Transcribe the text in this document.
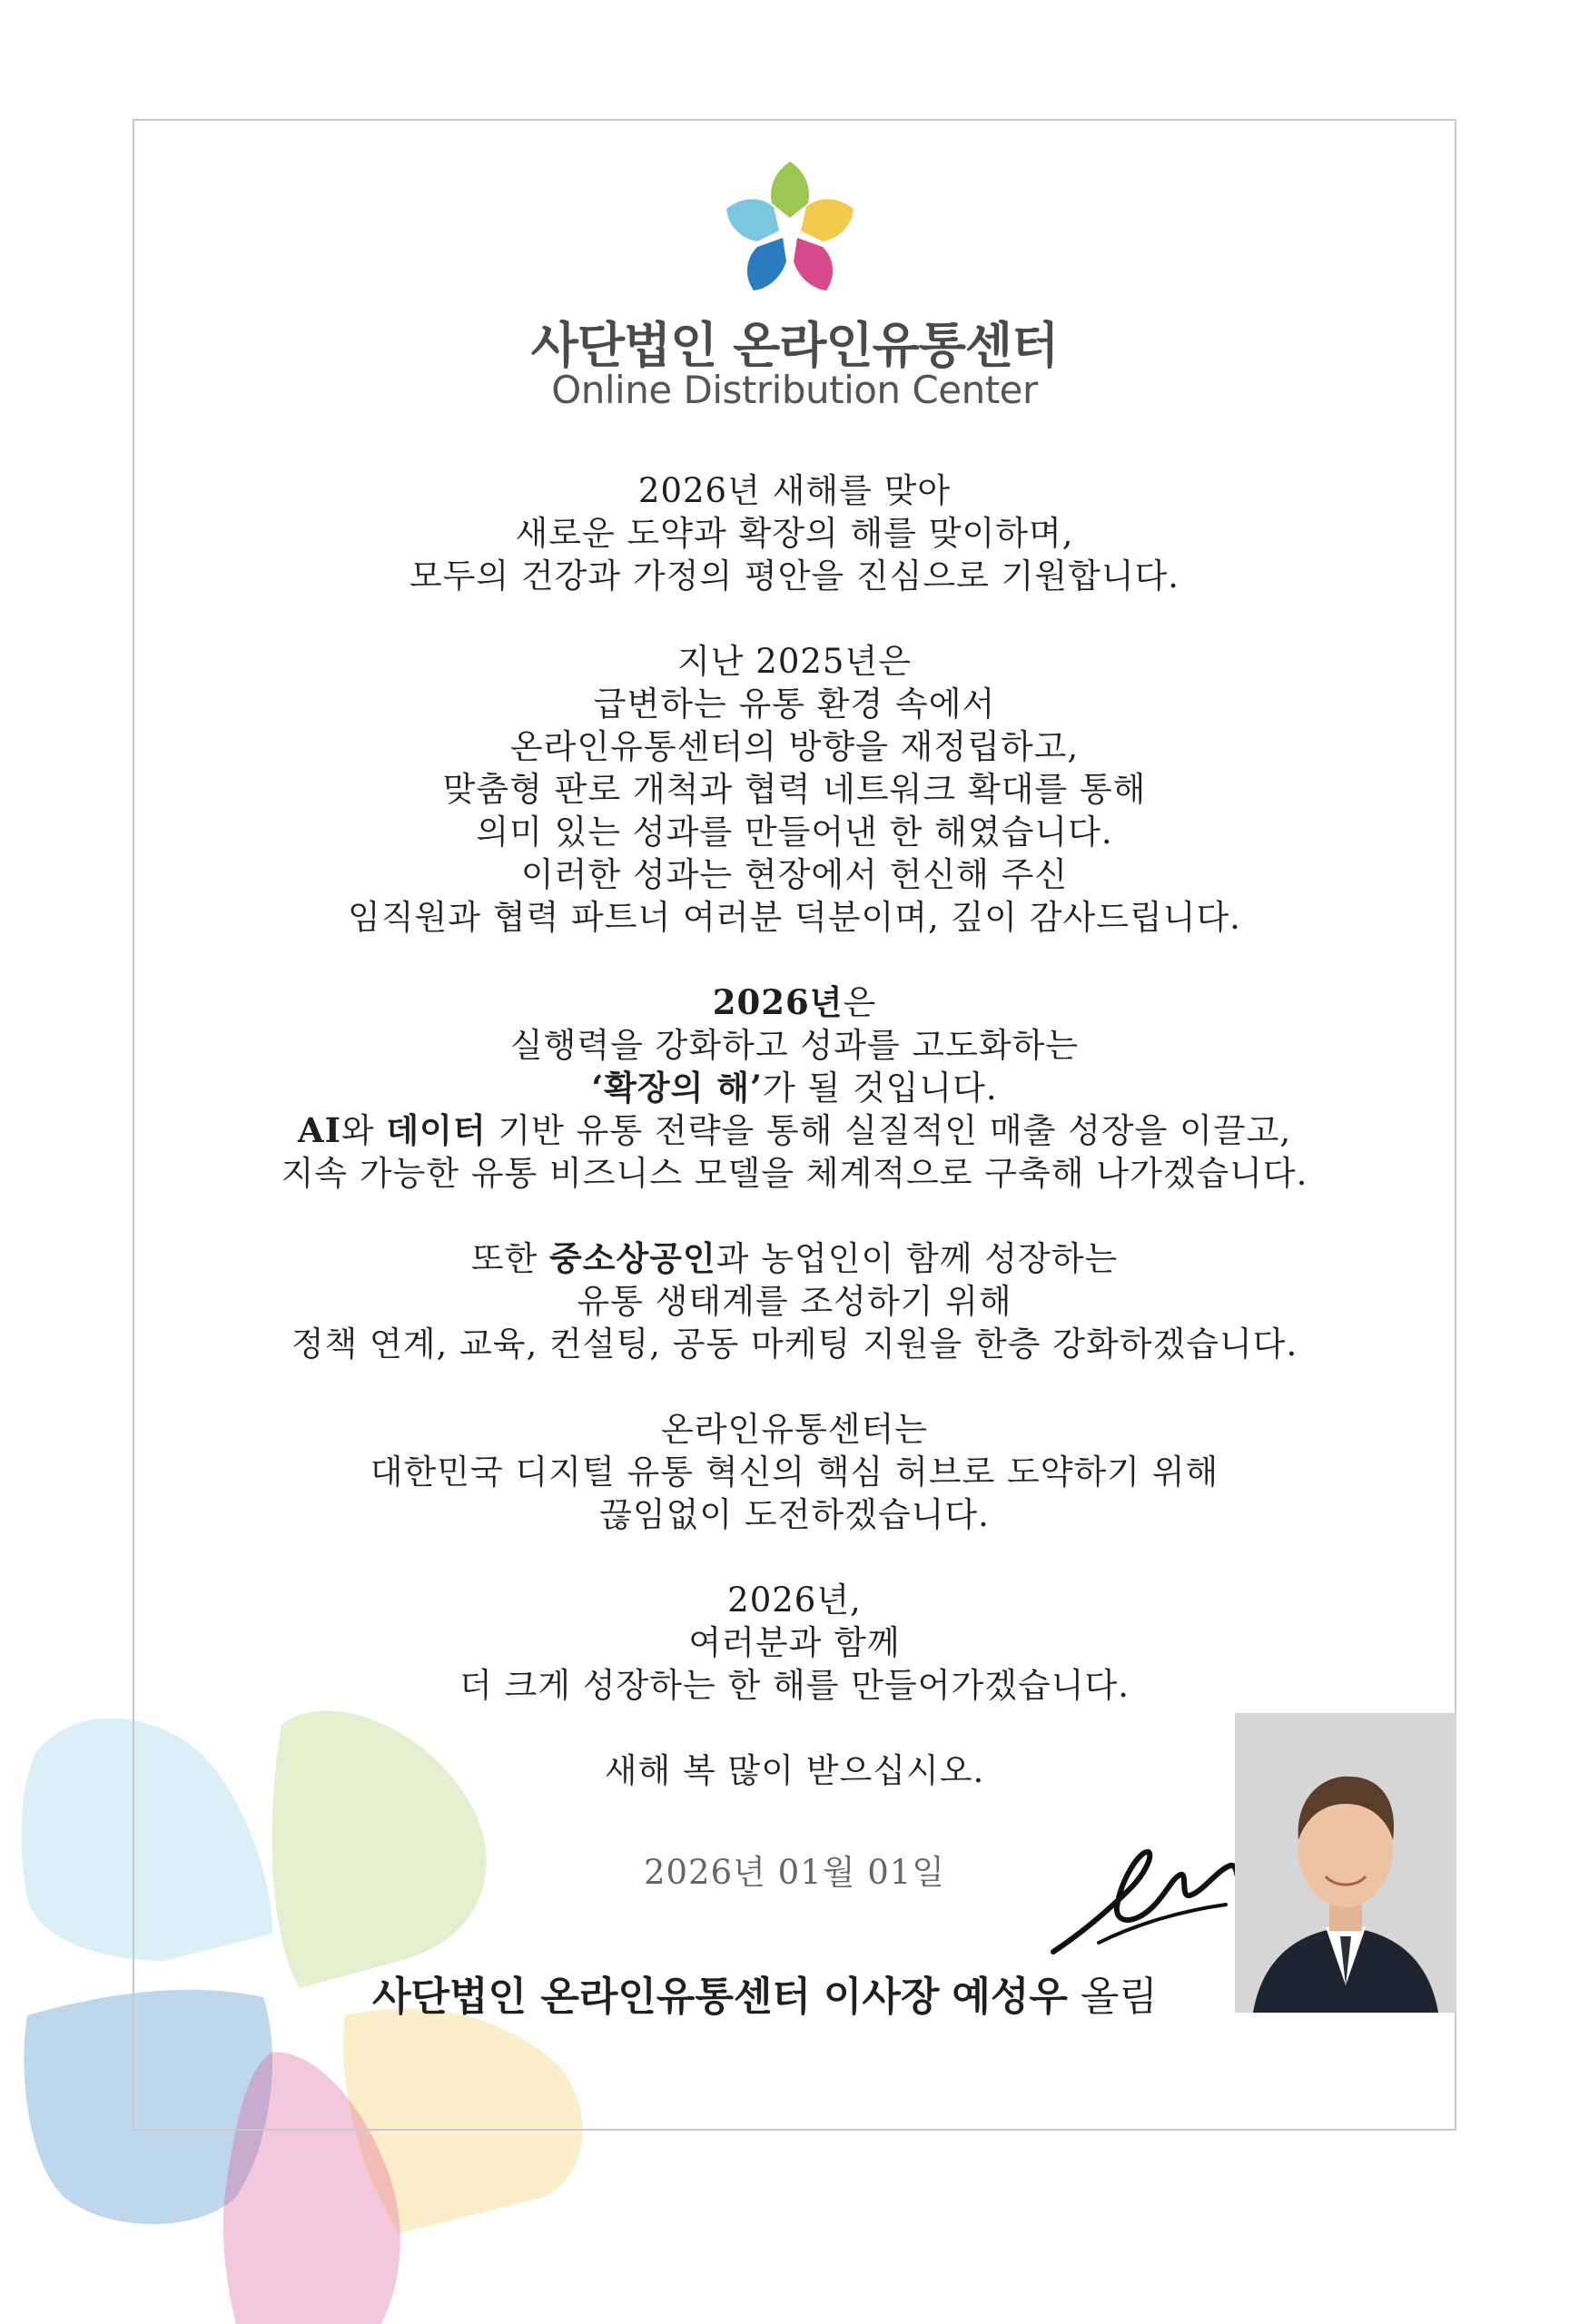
사단법인 온라인유통센터
Online Distribution Center
2026년 새해를 맞아
새로운 도약과 확장의 해를 맞이하며,
모두의 건강과 가정의 평안을 진심으로 기원합니다.
지난 2025년은
급변하는 유통 환경 속에서
온라인유통센터의 방향을 재정립하고,
맞춤형 판로 개척과 협력 네트워크 확대를 통해
의미 있는 성과를 만들어낸 한 해였습니다.
이러한 성과는 현장에서 헌신해 주신
임직원과 협력 파트너 여러분 덕분이며, 깊이 감사드립니다.
2026년은
실행력을 강화하고 성과를 고도화하는
‘확장의 해’가 될 것입니다.
AI와 데이터 기반 유통 전략을 통해 실질적인 매출 성장을 이끌고,
지속 가능한 유통 비즈니스 모델을 체계적으로 구축해 나가겠습니다.
또한 중소상공인과 농업인이 함께 성장하는
유통 생태계를 조성하기 위해
정책 연계, 교육, 컨설팅, 공동 마케팅 지원을 한층 강화하겠습니다.
온라인유통센터는
대한민국 디지털 유통 혁신의 핵심 허브로 도약하기 위해
끊임없이 도전하겠습니다.
2026년,
여러분과 함께
더 크게 성장하는 한 해를 만들어가겠습니다.
새해 복 많이 받으십시오.
2026년 01월 01일
사단법인 온라인유통센터 이사장 예성우 올림
